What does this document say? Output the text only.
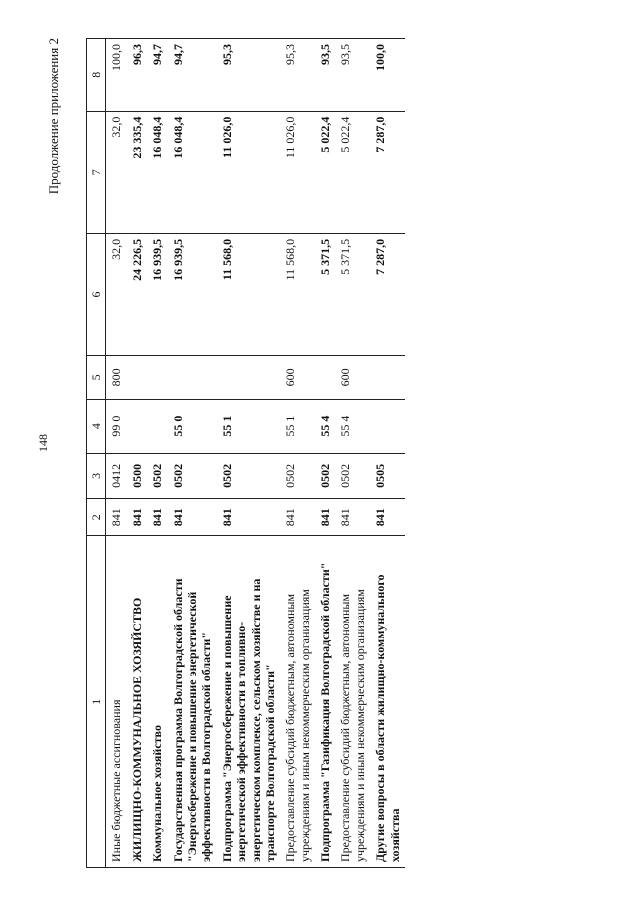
148
Продолжение приложения 2
1	2	3	4	5	6	7	8
Иные бюджетные ассигнования	841	0412	99 0	800	32,0	32,0	100,0
ЖИЛИЩНО-КОММУНАЛЬНОЕ ХОЗЯЙСТВО	841	0500			24 226,5	23 335,4	96,3
Коммунальное хозяйство	841	0502			16 939,5	16 048,4	94,7
Государственная программа Волгоградской области "Энергосбережение и повышение энергетической эффективности в Волгоградской области"	841	0502	55 0		16 939,5	16 048,4	94,7
Подпрограмма "Энергосбережение и повышение энергетической эффективности в топливно-энергетическом комплексе, сельском хозяйстве и на транспорте Волгоградской области"	841	0502	55 1		11 568,0	11 026,0	95,3
Предоставление субсидий бюджетным, автономным учреждениям и иным некоммерческим организациям	841	0502	55 1	600	11 568,0	11 026,0	95,3
Подпрограмма "Газификация Волгоградской области"	841	0502	55 4		5 371,5	5 022,4	93,5
Предоставление субсидий бюджетным, автономным учреждениям и иным некоммерческим организациям	841	0502	55 4	600	5 371,5	5 022,4	93,5
Другие вопросы в области жилищно-коммунального хозяйства	841	0505			7 287,0	7 287,0	100,0
